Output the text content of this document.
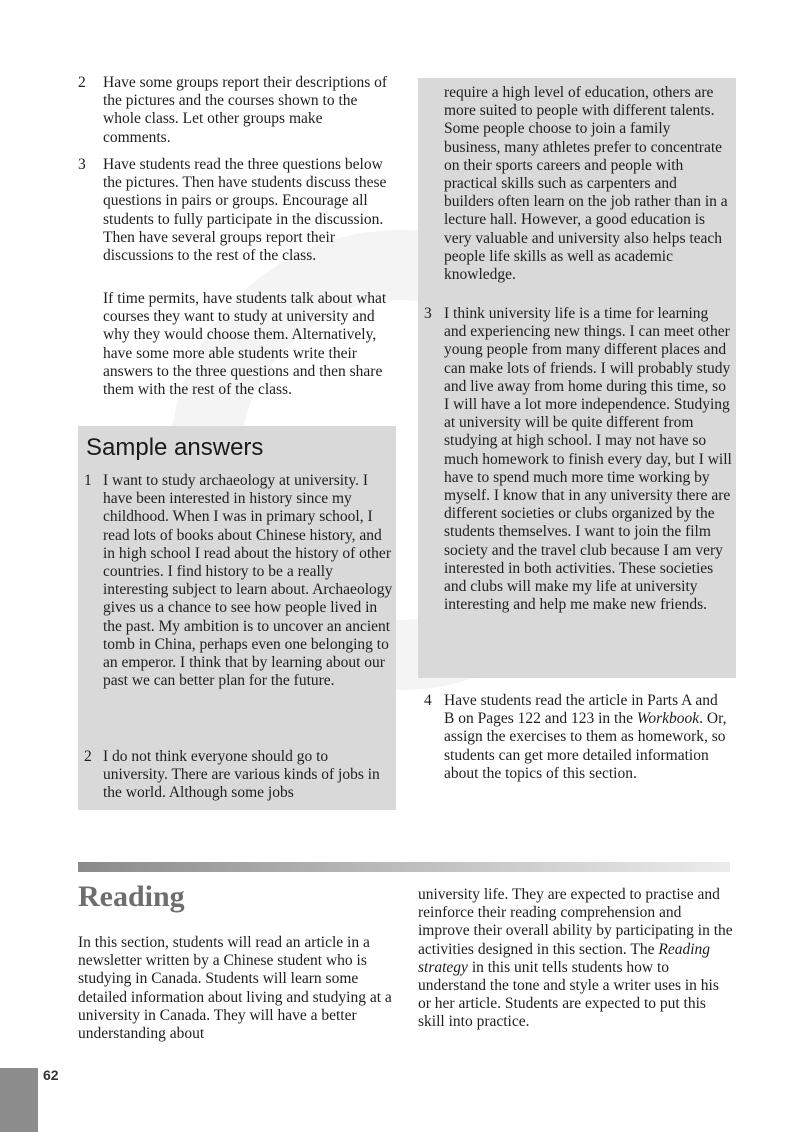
2 Have some groups report their descriptions of the pictures and the courses shown to the whole class. Let other groups make comments.
3 Have students read the three questions below the pictures. Then have students discuss these questions in pairs or groups. Encourage all students to fully participate in the discussion. Then have several groups report their discussions to the rest of the class.
If time permits, have students talk about what courses they want to study at university and why they would choose them. Alternatively, have some more able students write their answers to the three questions and then share them with the rest of the class.
Sample answers
1 I want to study archaeology at university. I have been interested in history since my childhood. When I was in primary school, I read lots of books about Chinese history, and in high school I read about the history of other countries. I find history to be a really interesting subject to learn about. Archaeology gives us a chance to see how people lived in the past. My ambition is to uncover an ancient tomb in China, perhaps even one belonging to an emperor. I think that by learning about our past we can better plan for the future.
2 I do not think everyone should go to university. There are various kinds of jobs in the world. Although some jobs
require a high level of education, others are more suited to people with different talents. Some people choose to join a family business, many athletes prefer to concentrate on their sports careers and people with practical skills such as carpenters and builders often learn on the job rather than in a lecture hall. However, a good education is very valuable and university also helps teach people life skills as well as academic knowledge.
3 I think university life is a time for learning and experiencing new things. I can meet other young people from many different places and can make lots of friends. I will probably study and live away from home during this time, so I will have a lot more independence. Studying at university will be quite different from studying at high school. I may not have so much homework to finish every day, but I will have to spend much more time working by myself. I know that in any university there are different societies or clubs organized by the students themselves. I want to join the film society and the travel club because I am very interested in both activities. These societies and clubs will make my life at university interesting and help me make new friends.
4 Have students read the article in Parts A and B on Pages 122 and 123 in the Workbook. Or, assign the exercises to them as homework, so students can get more detailed information about the topics of this section.
Reading
In this section, students will read an article in a newsletter written by a Chinese student who is studying in Canada. Students will learn some detailed information about living and studying at a university in Canada. They will have a better understanding about
university life. They are expected to practise and reinforce their reading comprehension and improve their overall ability by participating in the activities designed in this section. The Reading strategy in this unit tells students how to understand the tone and style a writer uses in his or her article. Students are expected to put this skill into practice.
62
